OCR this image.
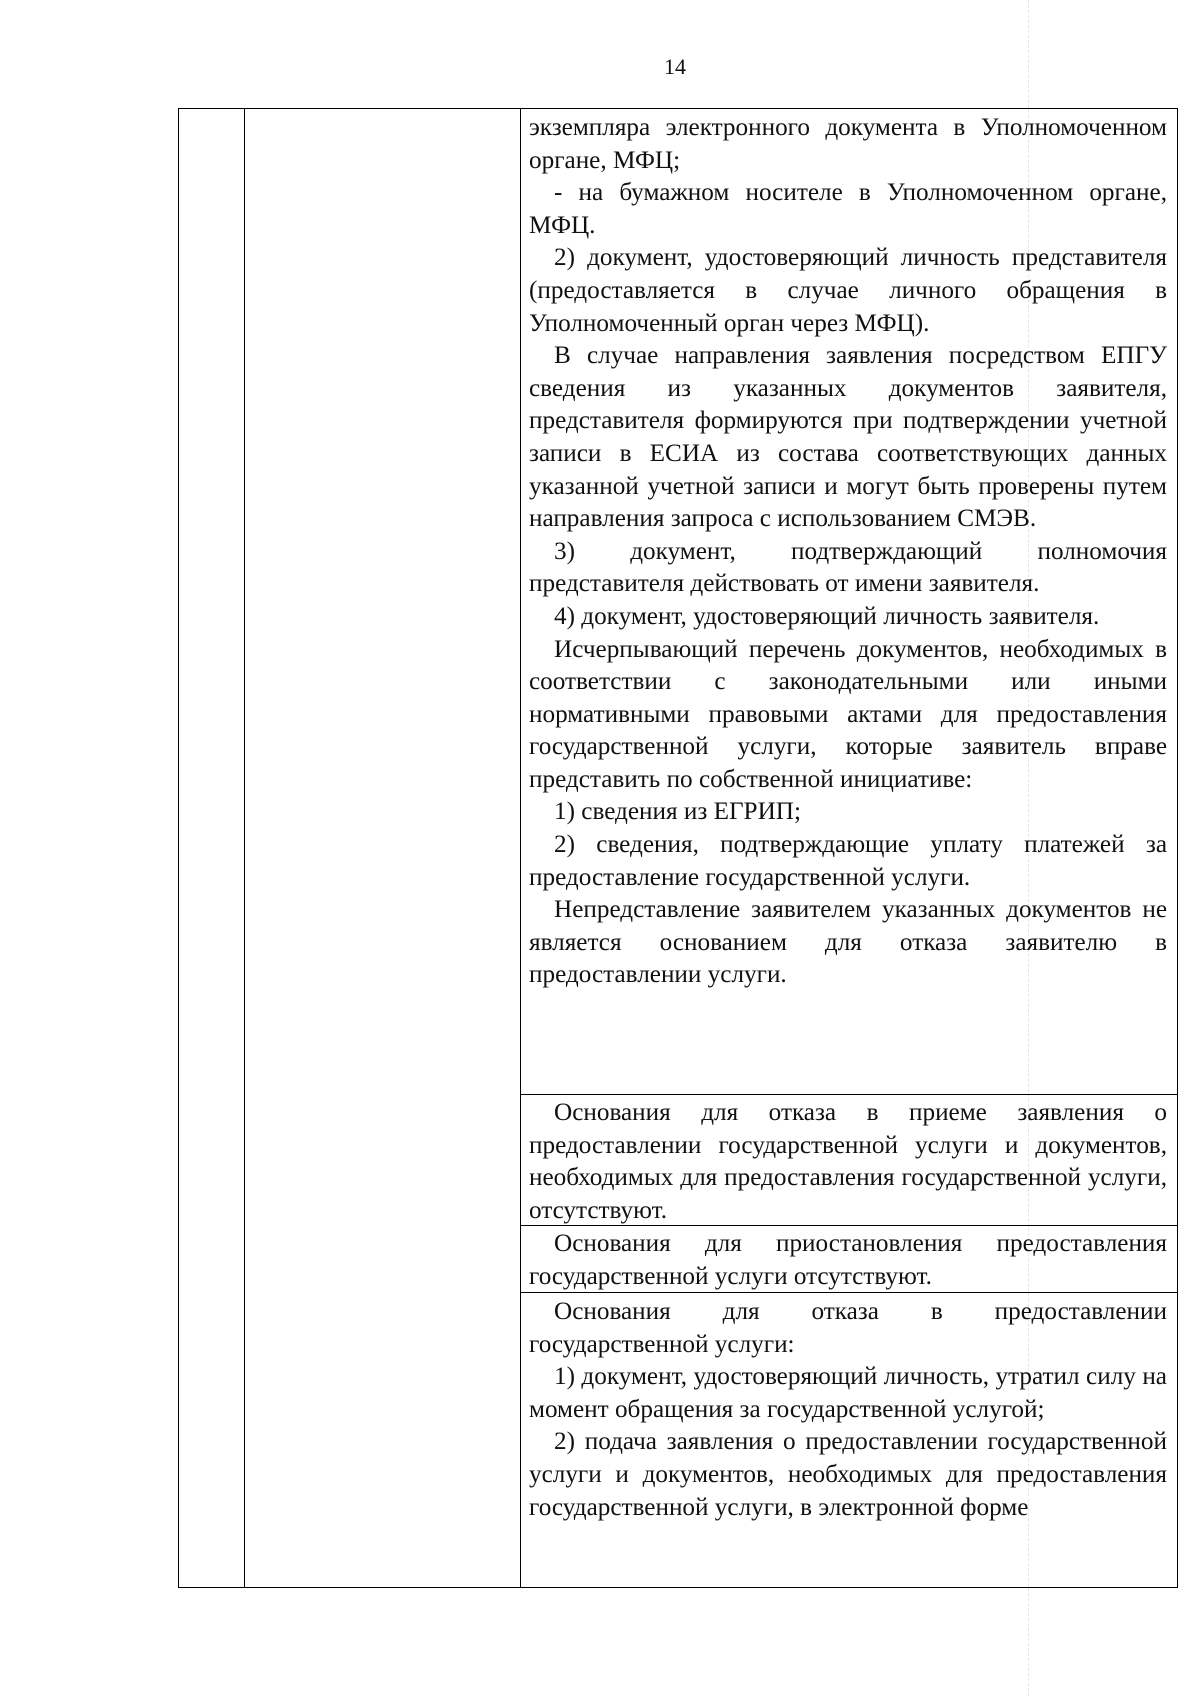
14

экземпляра электронного документа в Уполномоченном органе, МФЦ;

- на бумажном носителе в Уполномоченном органе, МФЦ.

2) документ, удостоверяющий личность представителя (предоставляется в случае личного обращения в Уполномоченный орган через МФЦ).

В случае направления заявления посредством ЕПГУ сведения из указанных документов заявителя, представителя формируются при подтверждении учетной записи в ЕСИА из состава соответствующих данных указанной учетной записи и могут быть проверены путем направления запроса с использованием СМЭВ.

3) документ, подтверждающий полномочия представителя действовать от имени заявителя.

4) документ, удостоверяющий личность заявителя.

Исчерпывающий перечень документов, необходимых в соответствии с законодательными или иными нормативными правовыми актами для предоставления государственной услуги, которые заявитель вправе представить по собственной инициативе:

1) сведения из ЕГРИП;

2) сведения, подтверждающие уплату платежей за предоставление государственной услуги.

Непредставление заявителем указанных документов не является основанием для отказа заявителю в предоставлении услуги.

Основания для отказа в приеме заявления о предоставлении государственной услуги и документов, необходимых для предоставления государственной услуги, отсутствуют.

Основания для приостановления предоставления государственной услуги отсутствуют.

Основания для отказа в предоставлении государственной услуги:

1) документ, удостоверяющий личность, утратил силу на момент обращения за государственной услугой;

2) подача заявления о предоставлении государственной услуги и документов, необходимых для предоставления государственной услуги, в электронной форме
